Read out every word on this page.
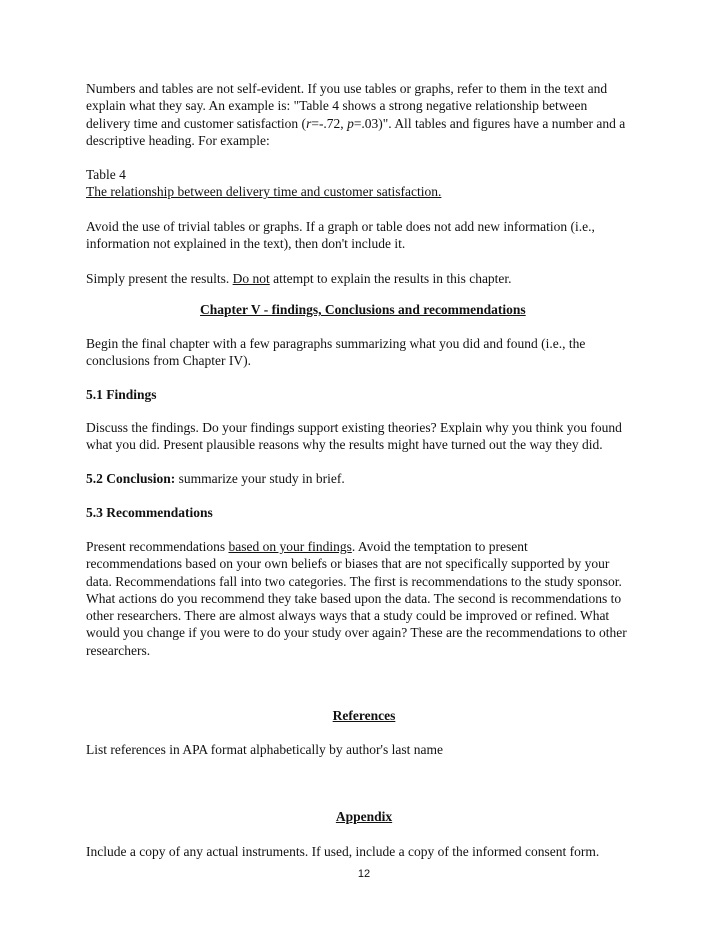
Numbers and tables are not self-evident. If you use tables or graphs, refer to them in the text and
explain what they say. An example is: "Table 4 shows a strong negative relationship between
delivery time and customer satisfaction (r=-.72, p=.03)". All tables and figures have a number and a
descriptive heading. For example:
Table 4
The relationship between delivery time and customer satisfaction.
Avoid the use of trivial tables or graphs. If a graph or table does not add new information (i.e.,
information not explained in the text), then don't include it.
Simply present the results. Do not attempt to explain the results in this chapter.
Chapter V - findings, Conclusions and recommendations
Begin the final chapter with a few paragraphs summarizing what you did and found (i.e., the
conclusions from Chapter IV).
5.1 Findings
Discuss the findings. Do your findings support existing theories? Explain why you think you found
what you did. Present plausible reasons why the results might have turned out the way they did.
5.2 Conclusion: summarize your study in brief.
5.3 Recommendations
Present recommendations based on your findings. Avoid the temptation to present
recommendations based on your own beliefs or biases that are not specifically supported by your
data. Recommendations fall into two categories. The first is recommendations to the study sponsor.
What actions do you recommend they take based upon the data. The second is recommendations to
other researchers. There are almost always ways that a study could be improved or refined. What
would you change if you were to do your study over again? These are the recommendations to other
researchers.
References
List references in APA format alphabetically by author's last name
Appendix
Include a copy of any actual instruments. If used, include a copy of the informed consent form.
12
